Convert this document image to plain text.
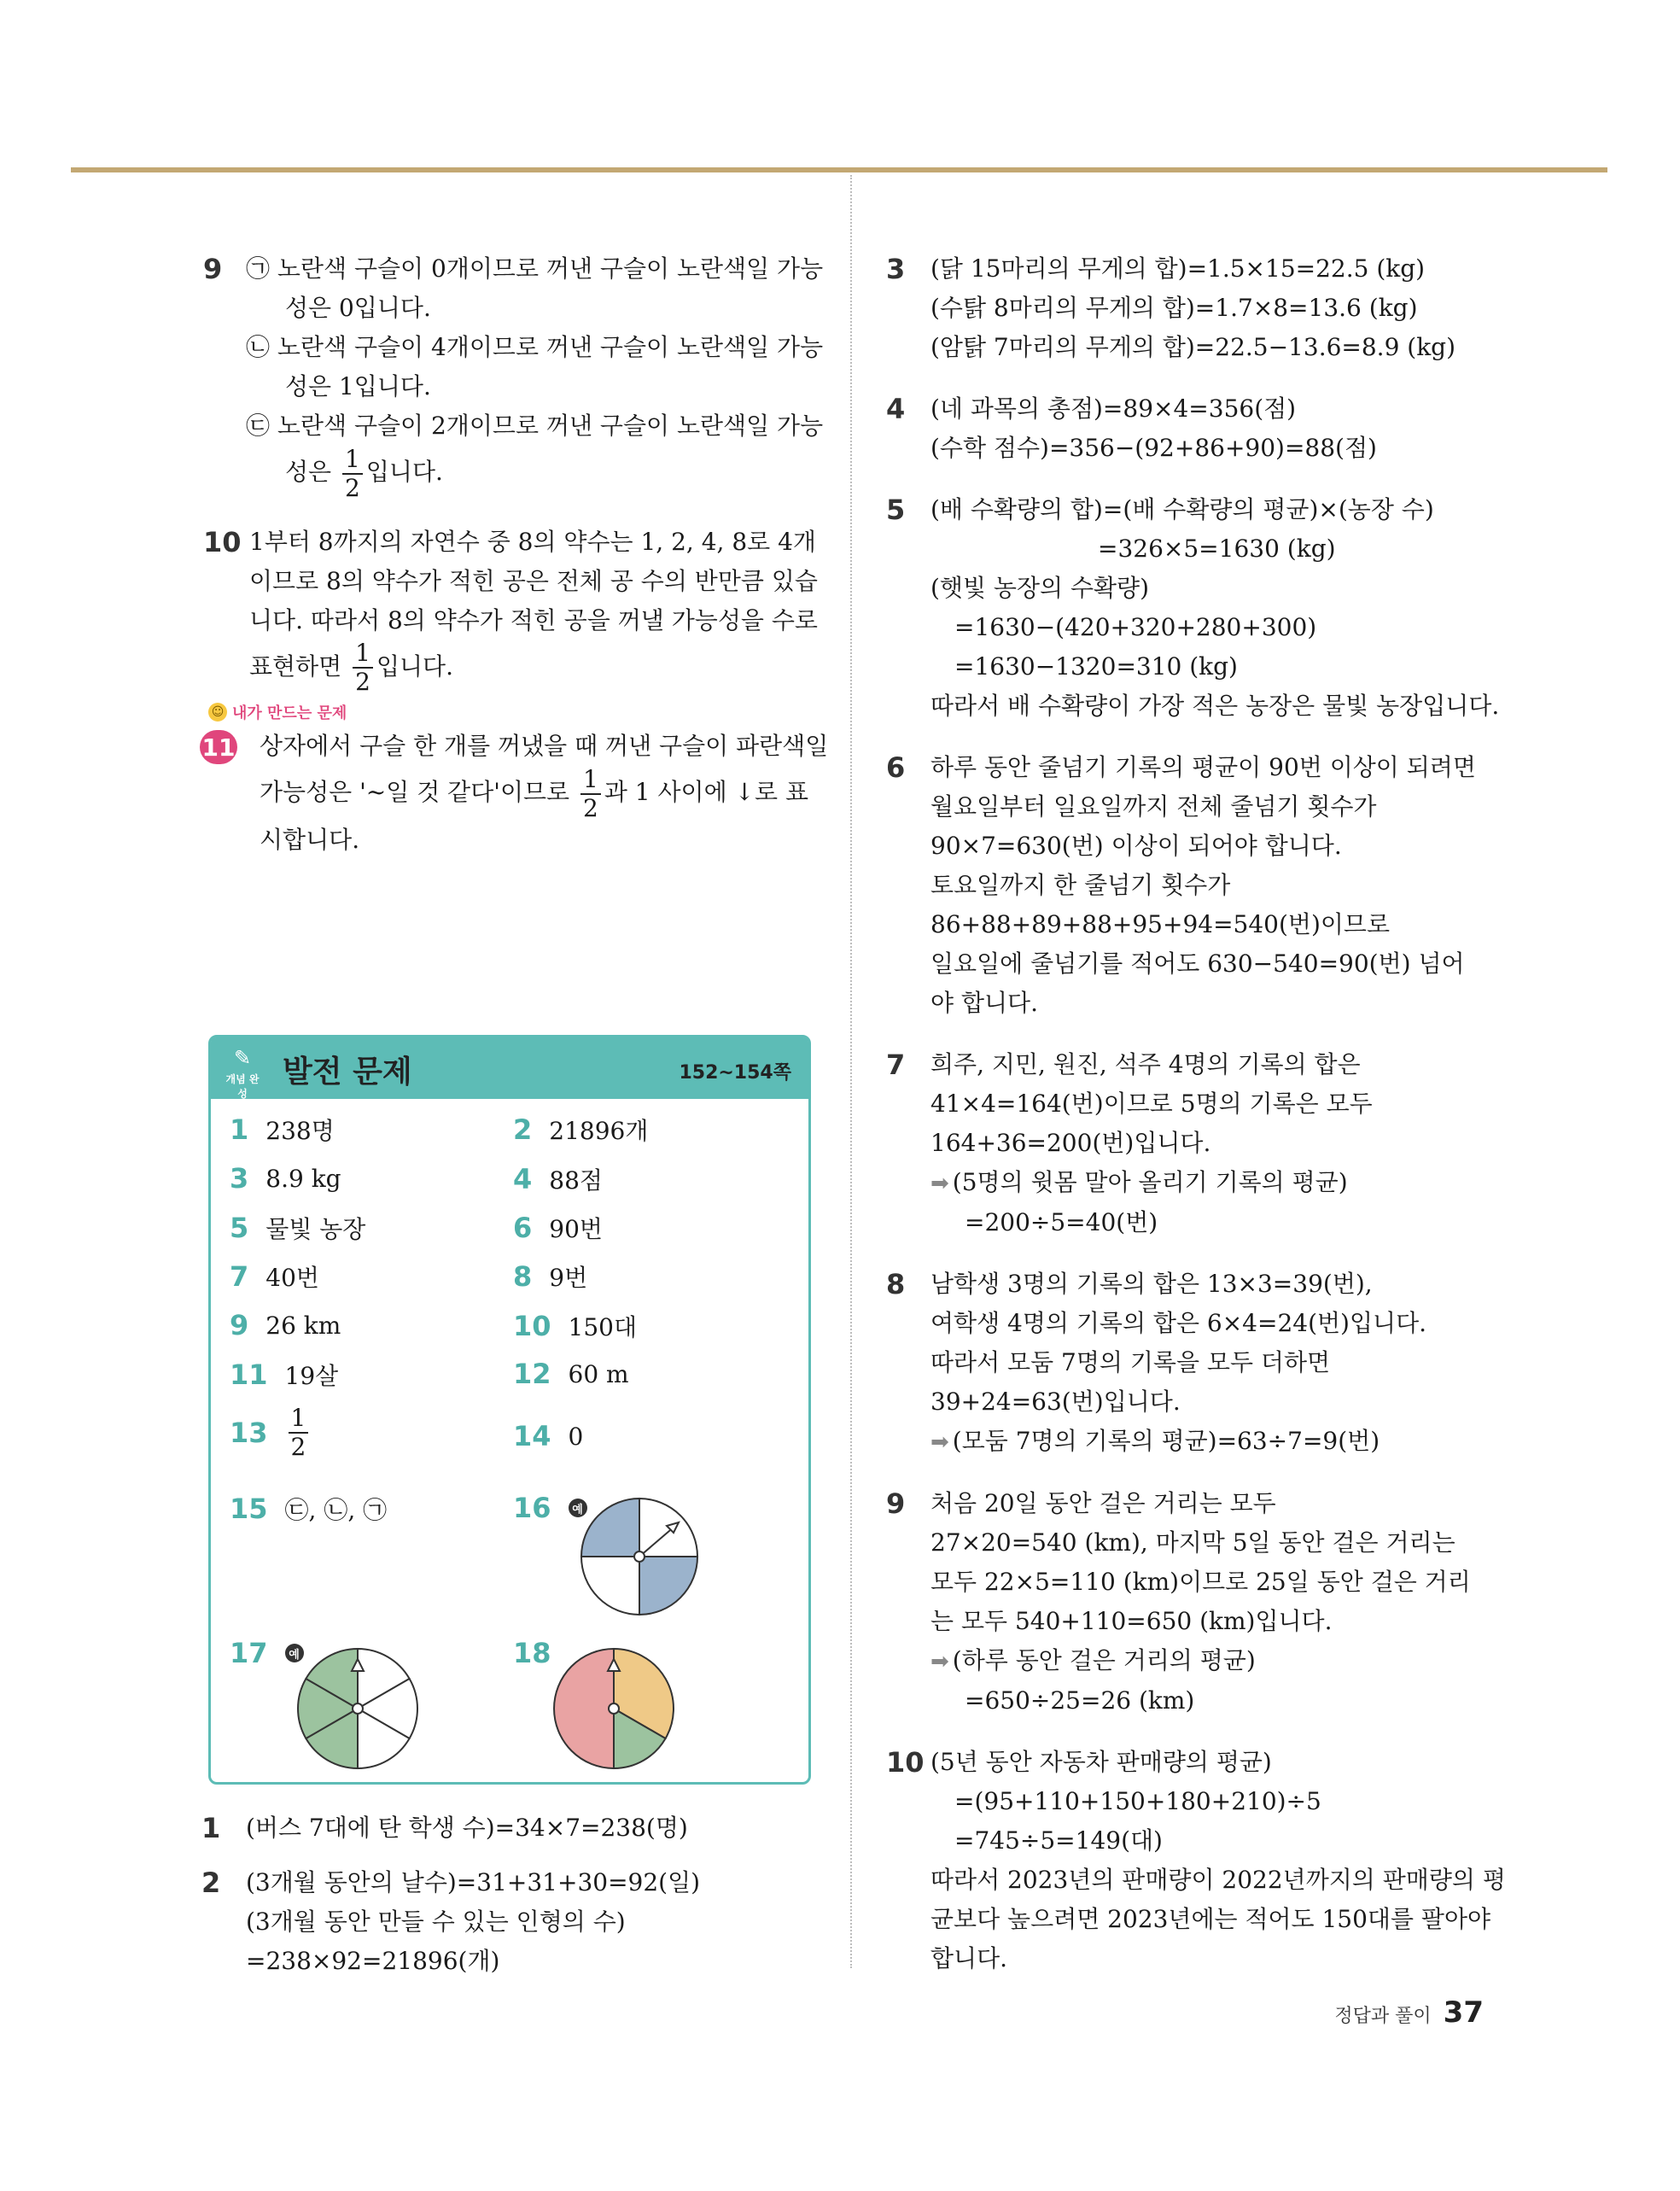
9 ㉠ 노란색 구슬이 0개이므로 꺼낸 구슬이 노란색일 가능
성은 0입니다.
㉡ 노란색 구슬이 4개이므로 꺼낸 구슬이 노란색일 가능
성은 1입니다.
㉢ 노란색 구슬이 2개이므로 꺼낸 구슬이 노란색일 가능
성은 $\frac{1}{2}$ 입니다.
10 1부터 8까지의 자연수 중 8의 약수는 1, 2, 4, 8로 4개
이므로 8의 약수가 적힌 공은 전체 공 수의 반만큼 있습
니다. 따라서 8의 약수가 적힌 공을 꺼낼 가능성을 수로
표현하면 $\frac{1}{2}$ 입니다.
☺ 내가 만드는 문제
11 상자에서 구슬 한 개를 꺼냈을 때 꺼낸 구슬이 파란색일
가능성은 '~일 것 같다'이므로 $\frac{1}{2}$ 과 1 사이에 ↓로 표
시합니다.
✎
개념 완성
발전 문제	152~154쪽
1 238명	2 21896개
3 8.9 kg	4 88점
5 물빛 농장	6 90번
7 40번	8 9번
9 26 km	10 150대
11 19살	12 60 m
$13 \frac{1}{2}$	14 0
15 ㉢, ㉡, ㉠	16	예
17	예	18
1 (버스 7대에 탄 학생 수)=34×7=238(명)
2 (3개월 동안의 날수)=31+31+30=92(일)
(3개월 동안 만들 수 있는 인형의 수)
=238×92=21896(개)
3 (닭 15마리의 무게의 합)=1.5×15=22.5 (kg)
(수탉 8마리의 무게의 합)=1.7×8=13.6 (kg)
(암탉 7마리의 무게의 합)=22.5−13.6=8.9 (kg)
4 (네 과목의 총점)=89×4=356(점)
(수학 점수)=356−(92+86+90)=88(점)
5 (배 수확량의 합)=(배 수확량의 평균)×(농장 수)
=326×5=1630 (kg)
(햇빛 농장의 수확량)
=1630−(420+320+280+300)
=1630−1320=310 (kg)
따라서 배 수확량이 가장 적은 농장은 물빛 농장입니다.
6 하루 동안 줄넘기 기록의 평균이 90번 이상이 되려면
월요일부터 일요일까지 전체 줄넘기 횟수가
90×7=630(번) 이상이 되어야 합니다.
토요일까지 한 줄넘기 횟수가
86+88+89+88+95+94=540(번)이므로
일요일에 줄넘기를 적어도 630−540=90(번) 넘어
야 합니다.
7 희주, 지민, 원진, 석주 4명의 기록의 합은
41×4=164(번)이므로 5명의 기록은 모두
164+36=200(번)입니다.
➡ (5명의 윗몸 말아 올리기 기록의 평균)
=200÷5=40(번)
8 남학생 3명의 기록의 합은 13×3=39(번),
여학생 4명의 기록의 합은 6×4=24(번)입니다.
따라서 모둠 7명의 기록을 모두 더하면
39+24=63(번)입니다.
➡ (모둠 7명의 기록의 평균)=63÷7=9(번)
9 처음 20일 동안 걸은 거리는 모두
27×20=540 (km), 마지막 5일 동안 걸은 거리는
모두 22×5=110 (km)이므로 25일 동안 걸은 거리
는 모두 540+110=650 (km)입니다.
➡ (하루 동안 걸은 거리의 평균)
=650÷25=26 (km)
10 (5년 동안 자동차 판매량의 평균)
=(95+110+150+180+210)÷5
=745÷5=149(대)
따라서 2023년의 판매량이 2022년까지의 판매량의 평
균보다 높으려면 2023년에는 적어도 150대를 팔아야
합니다.
정답과 풀이 37
